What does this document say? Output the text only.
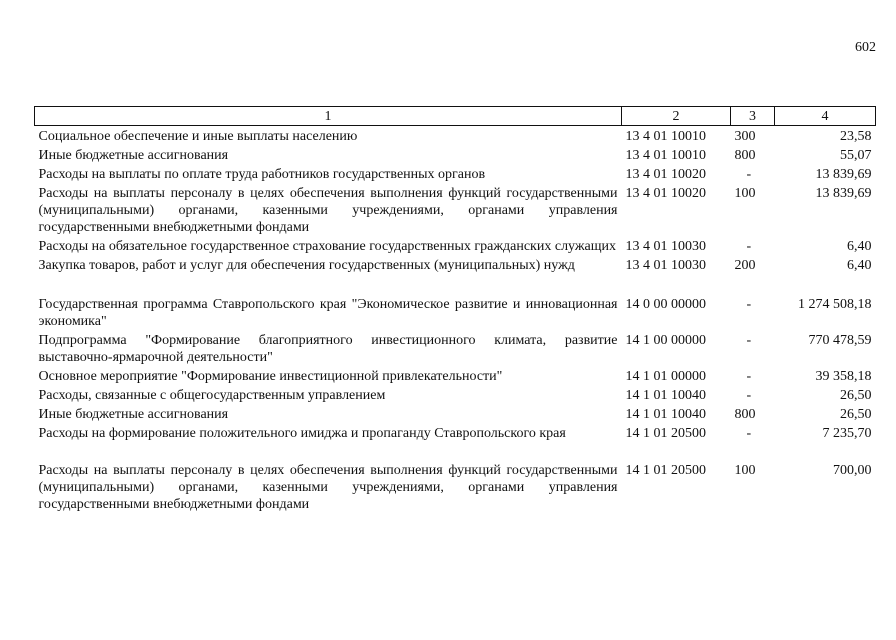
602
1	2	3	4

Социальное обеспечение и иные выплаты населению	13 4 01 10010	300	23,58
Иные бюджетные ассигнования	13 4 01 10010	800	55,07
Расходы на выплаты по оплате труда работников государственных органов	13 4 01 10020	-	13 839,69
Расходы на выплаты персоналу в целях обеспечения выполнения функций государственными (муниципальными) органами, казенными учреждениями, органами управления государственными внебюджетными фондами	13 4 01 10020	100	13 839,69
Расходы на обязательное государственное страхование государственных гражданских служащих	13 4 01 10030	-	6,40
Закупка товаров, работ и услуг для обеспечения государственных (муниципальных) нужд	13 4 01 10030	200	6,40
Государственная программа Ставропольского края "Экономическое развитие и инновационная экономика"	14 0 00 00000	-	1 274 508,18
Подпрограмма "Формирование благоприятного инвестиционного климата, развитие выставочно-ярмарочной деятельности"	14 1 00 00000	-	770 478,59
Основное мероприятие "Формирование инвестиционной привлекательности"	14 1 01 00000	-	39 358,18
Расходы, связанные с общегосударственным управлением	14 1 01 10040	-	26,50
Иные бюджетные ассигнования	14 1 01 10040	800	26,50
Расходы на формирование положительного имиджа и пропаганду Ставропольского края	14 1 01 20500	-	7 235,70
Расходы на выплаты персоналу в целях обеспечения выполнения функций государственными (муниципальными) органами, казенными учреждениями, органами управления государственными внебюджетными фондами	14 1 01 20500	100	700,00
